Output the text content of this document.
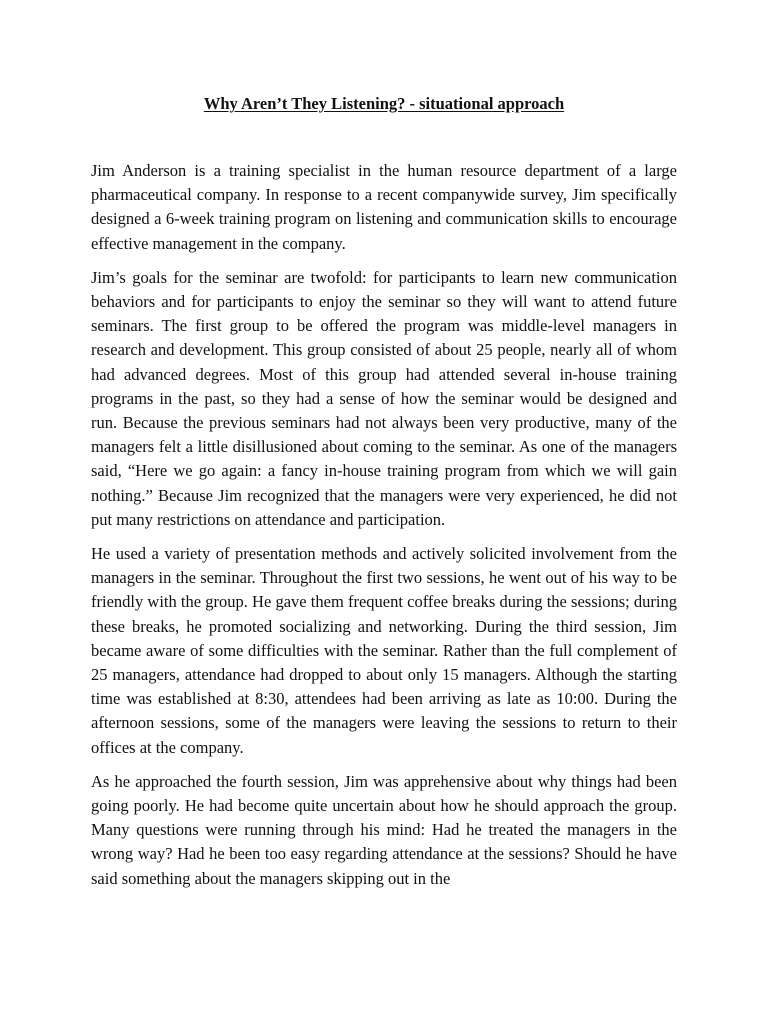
Why Aren’t They Listening? - situational approach

Jim Anderson is a training specialist in the human resource department of a large pharmaceutical company. In response to a recent companywide survey, Jim specifically designed a 6-week training program on listening and communication skills to encourage effective management in the company.

Jim’s goals for the seminar are twofold: for participants to learn new communication behaviors and for participants to enjoy the seminar so they will want to attend future seminars. The first group to be offered the program was middle-level managers in research and development. This group consisted of about 25 people, nearly all of whom had advanced degrees. Most of this group had attended several in-house training programs in the past, so they had a sense of how the seminar would be designed and run. Because the previous seminars had not always been very productive, many of the managers felt a little disillusioned about coming to the seminar. As one of the managers said, “Here we go again: a fancy in-house training program from which we will gain nothing.” Because Jim recognized that the managers were very experienced, he did not put many restrictions on attendance and participation.

He used a variety of presentation methods and actively solicited involvement from the managers in the seminar. Throughout the first two sessions, he went out of his way to be friendly with the group. He gave them frequent coffee breaks during the sessions; during these breaks, he promoted socializing and networking. During the third session, Jim became aware of some difficulties with the seminar. Rather than the full complement of 25 managers, attendance had dropped to about only 15 managers. Although the starting time was established at 8:30, attendees had been arriving as late as 10:00. During the afternoon sessions, some of the managers were leaving the sessions to return to their offices at the company.

As he approached the fourth session, Jim was apprehensive about why things had been going poorly. He had become quite uncertain about how he should approach the group. Many questions were running through his mind: Had he treated the managers in the wrong way? Had he been too easy regarding attendance at the sessions? Should he have said something about the managers skipping out in the
